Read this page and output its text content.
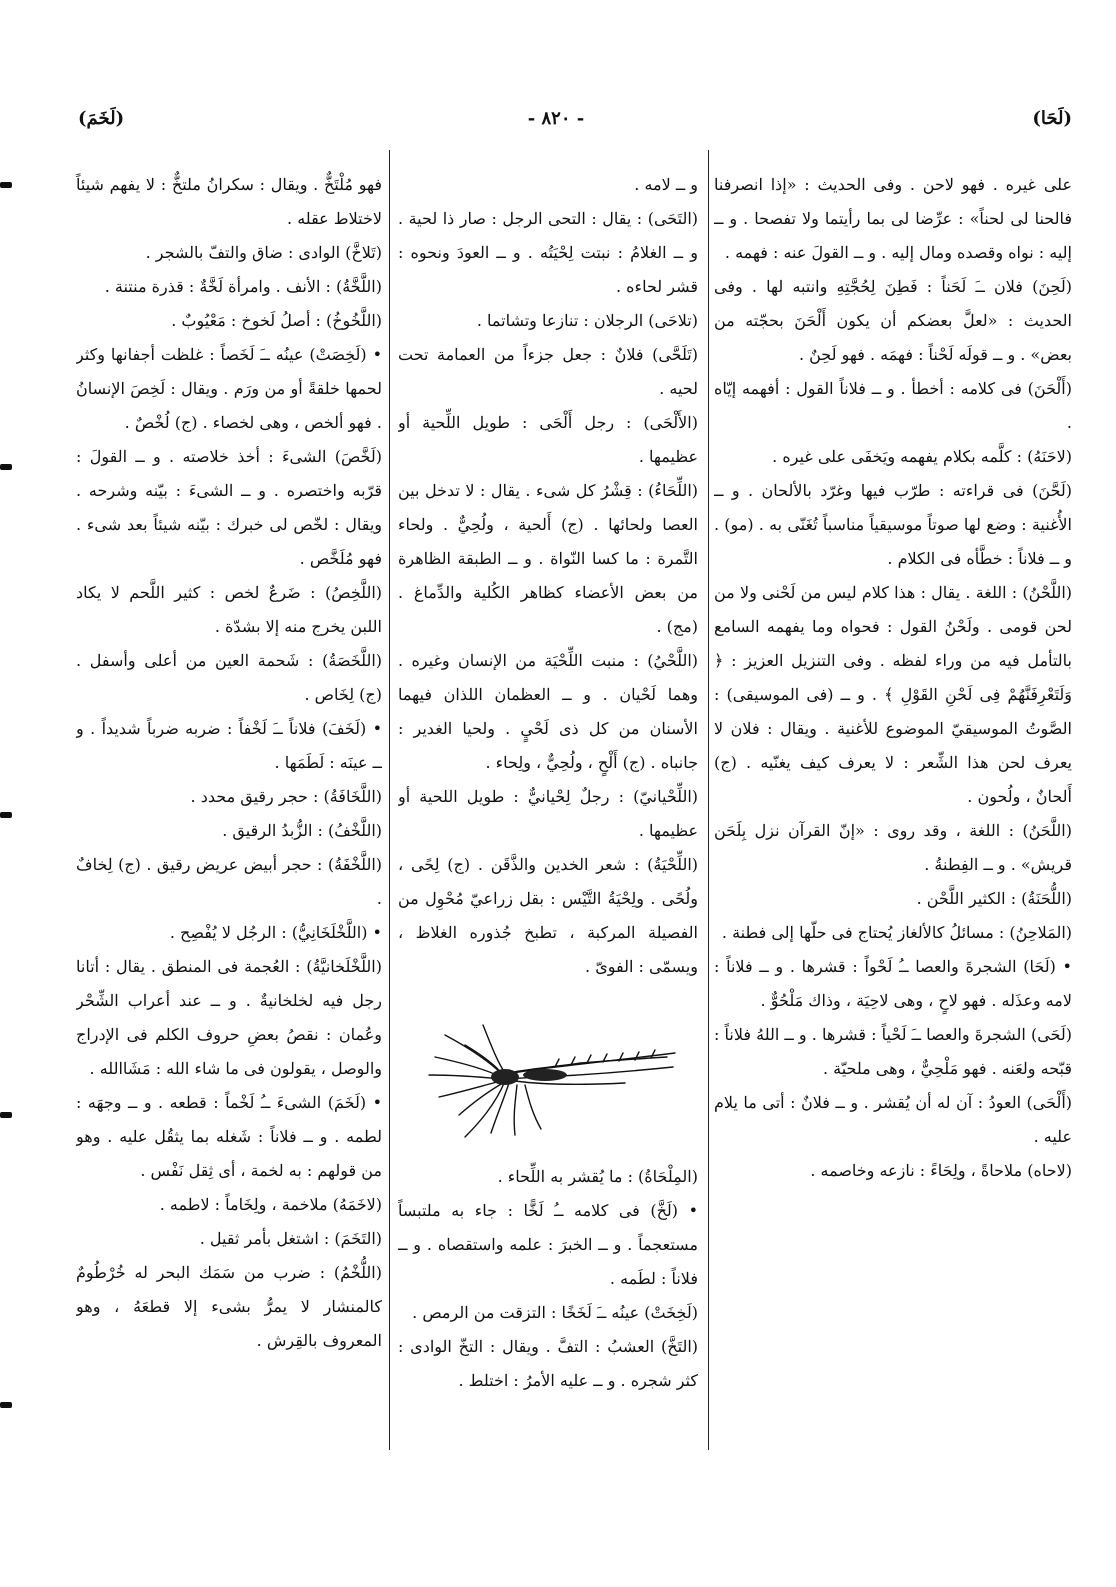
(لَخَمَ)	- ٨٢٠ -	(لَحَا)

على غيره . فهو لاحن . وفى الحديث : «إذا انصرفنا فالحنا لى لحناً» : عرِّضا لى بما رأيتما ولا تفصحا . و ــ إليه : نواه وقصده ومال إليه . و ــ القولَ عنه : فهمه .

(لَحِنَ) فلان ــَ لَحَناً : فَطِنَ لِحُجَّتِهِ وانتبه لها . وفى الحديث : «لعلَّ بعضكم أن يكون أَلْحَنَ بحجّته من بعض» . و ــ قولَه لَحْناً : فهمَه . فهو لَحِنٌ .

(أَلْحَنَ) فى كلامه : أخطأ . و ــ فلاناً القول : أفهمه إيّاه .

(لاحَنَهُ) : كلَّمه بكلام يفهمه ويَخفَى على غيره .

(لَحَّنَ) فى قراءته : طرّب فيها وغرّد بالألحان . و ــ الأُغنية : وضع لها صوتاً موسيقياً مناسباً تُغَنّى به . (مو) . و ــ فلاناً : خطَّأه فى الكلام .

(اللَّحْنُ) : اللغة . يقال : هذا كلام ليس من لَحْنى ولا من لحن قومى . ولَحْنُ القول : فحواه وما يفهمه السامع بالتأمل فيه من وراء لفظه . وفى التنزيل العزيز : ﴿ وَلَتَعْرِفَنَّهُمْ فِى لَحْنِ القَوْلِ ﴾ . و ــ (فى الموسيقى) : الصَّوتُ الموسيقيّ الموضوع للأغنية . ويقال : فلان لا يعرف لحن هذا الشِّعر : لا يعرف كيف يغنّيه . (ج) أَلحانٌ ، ولُحون .

(اللَّحَنُ) : اللغة ، وقد روى : «إنّ القرآن نزل بِلَحَن قريش» . و ــ الفِطنةُ .

(اللُّحَنَةُ) : الكثير اللَّحْن .

(المَلاحِنُ) : مسائلُ كالألغاز يُحتاج فى حلّها إلى فطنة .

• (لَحَا) الشجرةَ والعصا ــُ لَحْواً : قشرها . و ــ فلاناً : لامه وعذَله . فهو لاحٍ ، وهى لاحِيَة ، وذاك مَلْحُوٌّ .

(لَحَى) الشجرةَ والعصا ــَ لَحْياً : قشرها . و ــ اللهُ فلاناً : قبّحه ولعَنه . فهو مَلْحِيٌّ ، وهى ملحيّة .

(أَلْحَى) العودُ : آن له أن يُقشر . و ــ فلانٌ : أتى ما يلام عليه .

(لاحاه) ملاحاةً ، ولِحَاءً : نازعه وخاصمه .

و ــ لامه .

(التَحَى) : يقال : التحى الرجل : صار ذا لحية . و ــ الغلامُ : نبتت لِحْيَتُه . و ــ العودَ ونحوه : قشر لحاءه .

(تلاحَى) الرجلان : تنازعا وتشاتما .

(تَلَحَّى) فلانٌ : جعل جزءاً من العمامة تحت لحيه .

(الأَلْحَى) : رجل أَلْحَى : طويل اللِّحية أو عظيمها .

(اللِّحَاءُ) : قِشْرُ كل شىء . يقال : لا تدخل بين العصا ولحائها . (ج) أَلحية ، ولُحِيٌّ . ولحاء التَّمرة : ما كسا النّواة . و ــ الطبقة الظاهرة من بعض الأعضاء كظاهر الكُلية والدِّماغ . (مج) .

(اللَّحْيُ) : منبت اللِّحْيَة من الإنسان وغيره . وهما لَحْيان . و ــ العظمان اللذان فيهما الأسنان من كل ذى لَحْيٍ . ولحيا الغدير : جانباه . (ج) أَلْحٍ ، ولُحِيٌّ ، ولِحاء .

(اللِّحْيانيّ) : رجلٌ لِحْيانيٌّ : طويل اللحية أو عظيمها .

(اللِّحْيَةُ) : شعر الخدين والذَّقَن . (ج) لِحًى ، ولُحًى . ولِحْيَةُ التَّيْس : بقل زراعيّ مُحْوِل من الفصيلة المركبة ، تطبخ جُذوره الغلاظ ، ويسمّى : الفوىّ .

(المِلْحَاةُ) : ما يُقشر به اللِّحاء .

• (لَخَّ) فى كلامه ــُ لَخًّا : جاء به ملتبساً مستعجماً . و ــ الخبرَ : علمه واستقصاه . و ــ فلاناً : لطَمه .

(لَخِخَتْ) عينُه ــَ لَخَخًا : التزقت من الرمص .

(التَخَّ) العشبُ : التفَّ . ويقال : التخّ الوادى : كثر شجره . و ــ عليه الأمرُ : اختلط .

فهو مُلْتَخٌّ . ويقال : سكرانُ ملتخٌّ : لا يفهم شيئاً لاختلاط عقله .

(تَلاخَّ) الوادى : ضاق والتفّ بالشجر .

(اللَّخَّةُ) : الأنف . وامرأة لَخَّةٌ : قذرة منتنة .

(اللَّخُوخُ) : أصلُ لَخوخ : مَعْيُوبٌ .

• (لَخِصَتْ) عينُه ــَ لَخَصاً : غلظت أجفانها وكثر لحمها خلقةً أو من ورَم . ويقال : لَخِصَ الإنسانُ . فهو ألخص ، وهى لخصاء . (ج) لُخْصٌ .

(لَخَّصَ) الشىءَ : أخذ خلاصته . و ــ القولَ : قرّبه واختصره . و ــ الشىءَ : بيّنه وشرحه . ويقال : لخّص لى خبرك : بيّنه شيئاً بعد شىء . فهو مُلَخَّص .

(اللَّخِصُ) : ضَرعٌ لخص : كثير اللَّحم لا يكاد اللبن يخرج منه إلا بشدّة .

(اللَّخَصَةُ) : شَحمة العين من أعلى وأسفل . (ج) لِخَاص .

• (لَخَفَ) فلاناً ــَ لَخْفاً : ضربه ضرباً شديداً . و ــ عينَه : لَطَمَها .

(اللَّخَافَةُ) : حجر رقيق محدد .

(اللَّخْفُ) : الزُّبدُ الرقيق .

(اللَّخْفَةُ) : حجر أبيض عريض رقيق . (ج) لِخافٌ .

• (اللَّخْلَخَانِيُّ) : الرجُل لا يُفْصِح .

(اللَّخْلَخانيَّةُ) : العُجمة فى المنطق . يقال : أتانا رجل فيه لخلخانيةٌ . و ــ عند أعراب الشِّحْر وعُمان : نقصُ بعضِ حروف الكلم فى الإدراج والوصل ، يقولون فى ما شاء الله : مَشَاالله .

• (لَخَمَ) الشىءَ ــُ لَخْماً : قطعه . و ــ وجهَه : لطمه . و ــ فلاناً : شَغله بما يثقُل عليه . وهو من قولهم : به لخمة ، أى ثِقل نَفْس .

(لاخَمَهُ) ملاخمة ، ولِخَاماً : لاطمه .

(التَخَمَ) : اشتغل بأمر ثقيل .

(اللُّخْمُ) : ضرب من سَمَك البحر له خُرْطُومٌ كالمنشار لا يمرُّ بشىء إلا قطعَهُ ، وهو المعروف بالقِرش .
